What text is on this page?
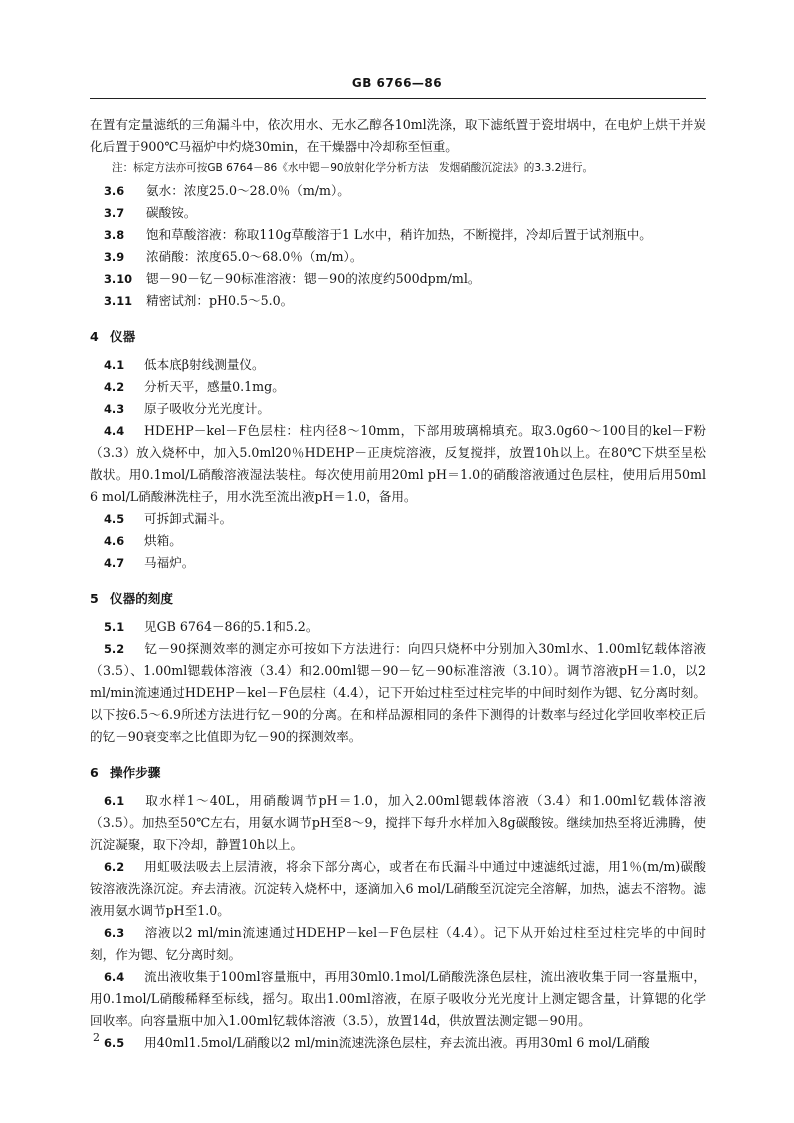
GB 6766—86

在置有定量滤纸的三角漏斗中，依次用水、无水乙醇各10ml洗涤，取下滤纸置于瓷坩埚中，在电炉上烘干并炭化后置于900℃马福炉中灼烧30min，在干燥器中冷却称至恒重。

注：标定方法亦可按GB 6764－86《水中锶－90放射化学分析方法　发烟硝酸沉淀法》的3.3.2进行。

3.6 氨水：浓度25.0～28.0％（m/m）。

3.7 碳酸铵。

3.8 饱和草酸溶液：称取110g草酸溶于1 L水中，稍许加热，不断搅拌，冷却后置于试剂瓶中。

3.9 浓硝酸：浓度65.0～68.0％（m/m）。

3.10 锶－90－钇－90标准溶液：锶－90的浓度约500dpm/ml。

3.11 精密试剂：pH0.5～5.0。

4 仪器

4.1 低本底β射线测量仪。

4.2 分析天平，感量0.1mg。

4.3 原子吸收分光光度计。

4.4 HDEHP－kel－F色层柱：柱内径8～10mm，下部用玻璃棉填充。取3.0g60～100目的kel－F粉（3.3）放入烧杯中，加入5.0ml20％HDEHP－正庚烷溶液，反复搅拌，放置10h以上。在80℃下烘至呈松散状。用0.1mol/L硝酸溶液湿法装柱。每次使用前用20ml pH＝1.0的硝酸溶液通过色层柱，使用后用50ml 6 mol/L硝酸淋洗柱子，用水洗至流出液pH＝1.0，备用。

4.5 可拆卸式漏斗。

4.6 烘箱。

4.7 马福炉。

5 仪器的刻度

5.1 见GB 6764－86的5.1和5.2。

5.2 钇－90探测效率的测定亦可按如下方法进行：向四只烧杯中分别加入30ml水、1.00ml钇载体溶液（3.5）、1.00ml锶载体溶液（3.4）和2.00ml锶－90－钇－90标准溶液（3.10）。调节溶液pH＝1.0，以2 ml/min流速通过HDEHP－kel－F色层柱（4.4），记下开始过柱至过柱完毕的中间时刻作为锶、钇分离时刻。以下按6.5～6.9所述方法进行钇－90的分离。在和样品源相同的条件下测得的计数率与经过化学回收率校正后的钇－90衰变率之比值即为钇－90的探测效率。

6 操作步骤

6.1 取水样1～40L，用硝酸调节pH＝1.0，加入2.00ml锶载体溶液（3.4）和1.00ml钇载体溶液（3.5）。加热至50℃左右，用氨水调节pH至8～9，搅拌下每升水样加入8g碳酸铵。继续加热至将近沸腾，使沉淀凝聚，取下冷却，静置10h以上。

6.2 用虹吸法吸去上层清液，将余下部分离心，或者在布氏漏斗中通过中速滤纸过滤，用1％(m/m)碳酸铵溶液洗涤沉淀。弃去清液。沉淀转入烧杯中，逐滴加入6 mol/L硝酸至沉淀完全溶解，加热，滤去不溶物。滤液用氨水调节pH至1.0。

6.3 溶液以2 ml/min流速通过HDEHP－kel－F色层柱（4.4）。记下从开始过柱至过柱完毕的中间时刻，作为锶、钇分离时刻。

6.4 流出液收集于100ml容量瓶中，再用30ml0.1mol/L硝酸洗涤色层柱，流出液收集于同一容量瓶中，用0.1mol/L硝酸稀释至标线，摇匀。取出1.00ml溶液，在原子吸收分光光度计上测定锶含量，计算锶的化学回收率。向容量瓶中加入1.00ml钇载体溶液（3.5），放置14d，供放置法测定锶－90用。

6.5 用40ml1.5mol/L硝酸以2 ml/min流速洗涤色层柱，弃去流出液。再用30ml 6 mol/L硝酸

2
